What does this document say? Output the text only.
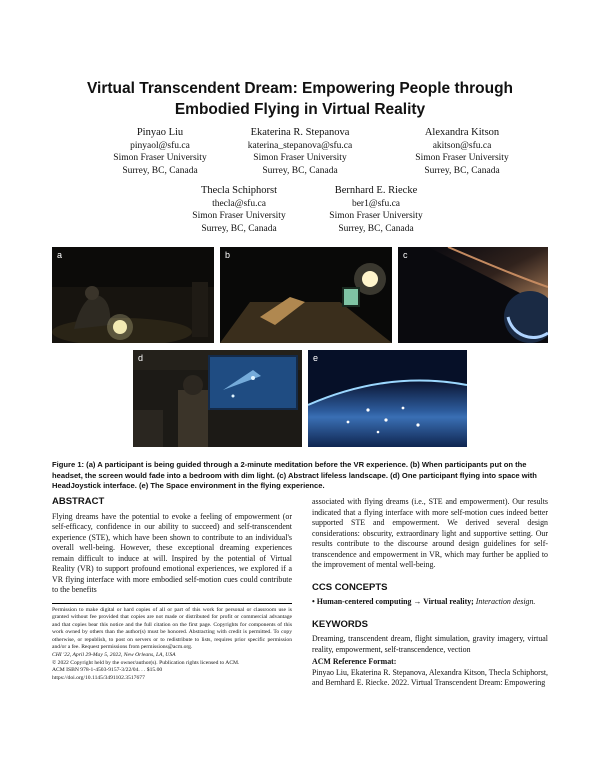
Virtual Transcendent Dream: Empowering People through
Embodied Flying in Virtual Reality
Pinyao Liu
pinyaol@sfu.ca
Simon Fraser University
Surrey, BC, Canada
Ekaterina R. Stepanova
katerina_stepanova@sfu.ca
Simon Fraser University
Surrey, BC, Canada
Alexandra Kitson
akitson@sfu.ca
Simon Fraser University
Surrey, BC, Canada
Thecla Schiphorst
thecla@sfu.ca
Simon Fraser University
Surrey, BC, Canada
Bernhard E. Riecke
ber1@sfu.ca
Simon Fraser University
Surrey, BC, Canada
a	b	c
d	e
Figure 1: (a) A participant is being guided through a 2-minute meditation before the VR experience. (b) When participants put on the headset, the screen would fade into a bedroom with dim light. (c) Abstract lifeless landscape. (d) One participant flying into space with HeadJoystick interface. (e) The Space environment in the flying experience.
ABSTRACT

Flying dreams have the potential to evoke a feeling of empowerment (or self-efficacy, confidence in our ability to succeed) and self-transcendent experience (STE), which have been shown to contribute to an individual's overall well-being. However, these exceptional dreaming experiences remain difficult to induce at will. Inspired by the potential of Virtual Reality (VR) to support profound emotional experiences, we explored if a VR flying interface with more embodied self-motion cues could contribute to the benefits

Permission to make digital or hard copies of all or part of this work for personal or classroom use is granted without fee provided that copies are not made or distributed for profit or commercial advantage and that copies bear this notice and the full citation on the first page. Copyrights for components of this work owned by others than the author(s) must be honored. Abstracting with credit is permitted. To copy otherwise, or republish, to post on servers or to redistribute to lists, requires prior specific permission and/or a fee. Request permissions from permissions@acm.org.
CHI '22, April 29-May 5, 2022, New Orleans, LA, USA
© 2022 Copyright held by the owner/author(s). Publication rights licensed to ACM.
ACM ISBN 978-1-4503-9157-3/22/04. . . $15.00
https://doi.org/10.1145/3491102.3517677

associated with flying dreams (i.e., STE and empowerment). Our results indicated that a flying interface with more self-motion cues indeed better supported STE and empowerment. We derived several design considerations: obscurity, extraordinary light and supportive setting. Our results contribute to the discourse around design guidelines for self-transcendence and empowerment in VR, which may further be applied to the improvement of mental well-being.

CCS CONCEPTS

• Human-centered computing → Virtual reality; Interaction design.

KEYWORDS

Dreaming, transcendent dream, flight simulation, gravity imagery, virtual reality, empowerment, self-transcendence, vection

ACM Reference Format:

Pinyao Liu, Ekaterina R. Stepanova, Alexandra Kitson, Thecla Schiphorst, and Bernhard E. Riecke. 2022. Virtual Transcendent Dream: Empowering
